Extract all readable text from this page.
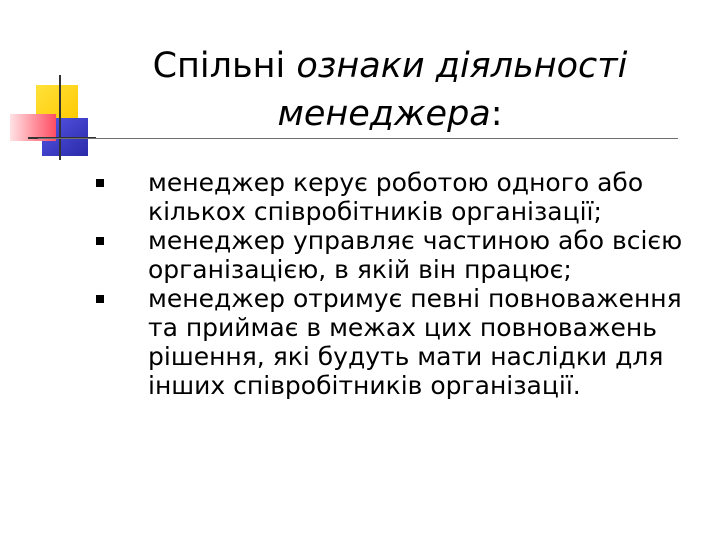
Спільні ознаки діяльності
менеджера:
менеджер керує роботою одного або кількох співробітників організації;
менеджер управляє частиною або всією організацією, в якій він працює;
менеджер отримує певні повноваження та приймає в межах цих повноважень рішення, які будуть мати наслідки для інших співробітників організації.
